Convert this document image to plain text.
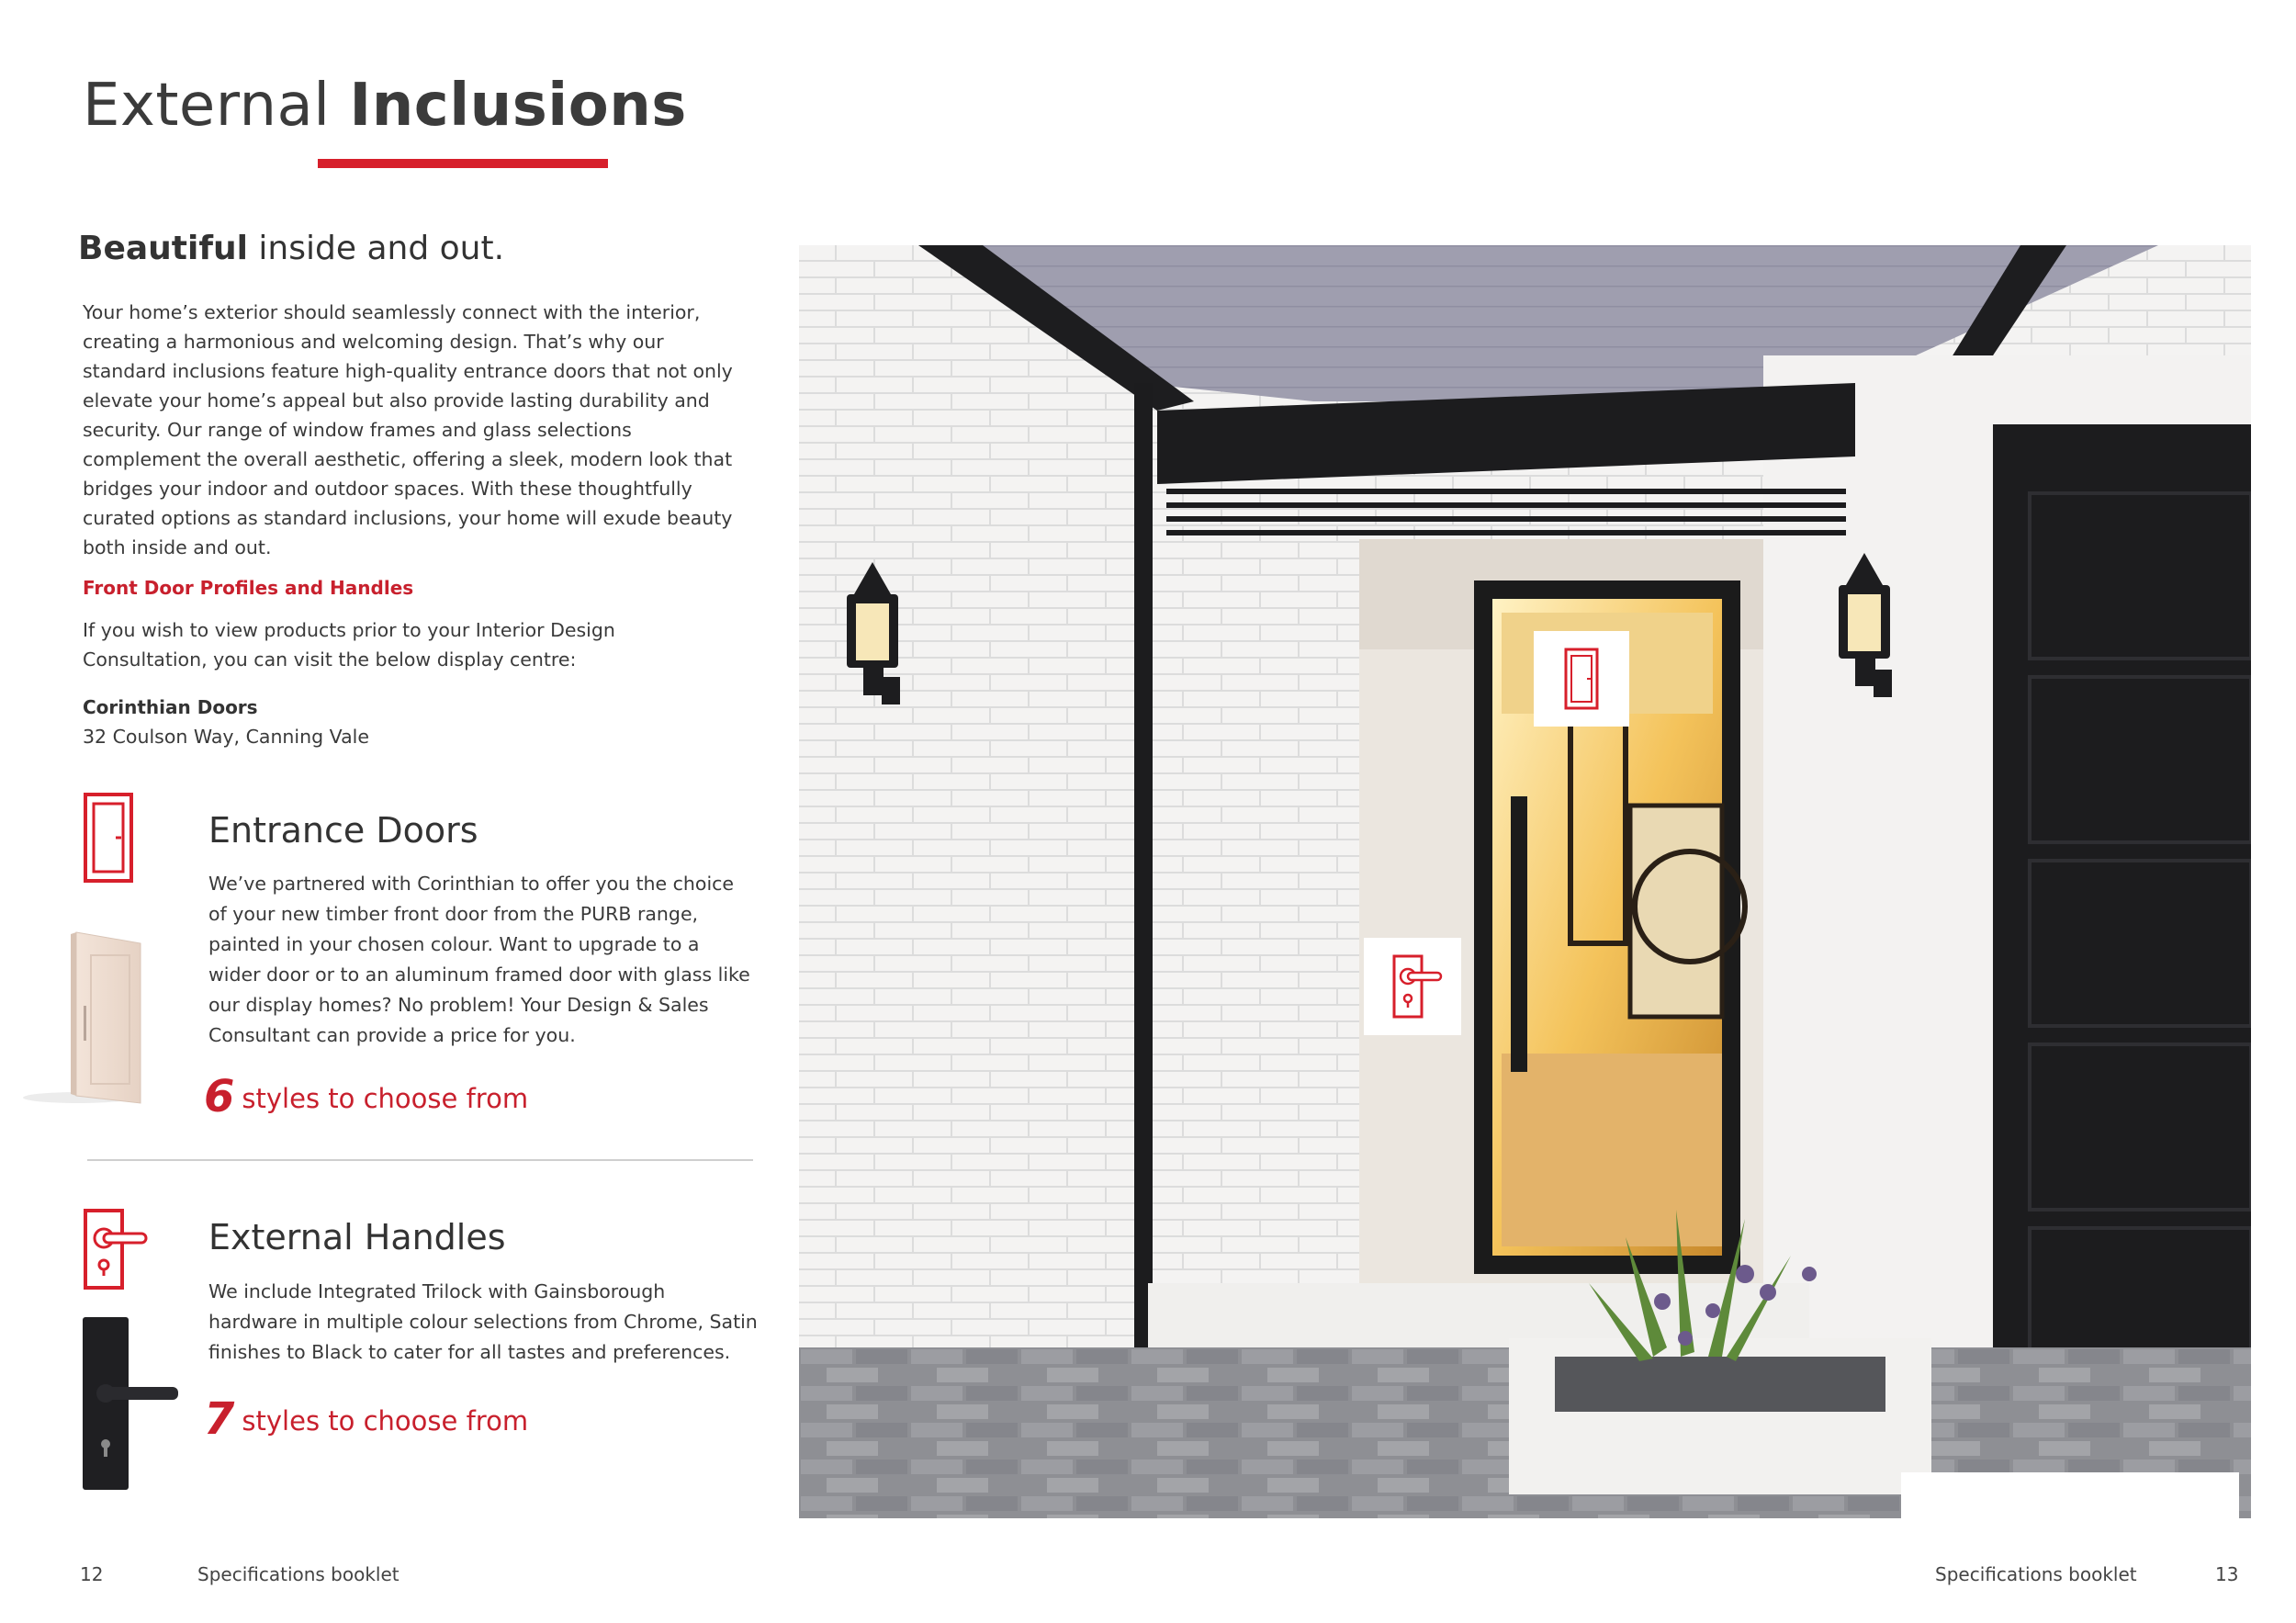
External Inclusions
Beautiful inside and out.
Your home’s exterior should seamlessly connect with the interior, creating a harmonious and welcoming design. That’s why our standard inclusions feature high-quality entrance doors that not only elevate your home’s appeal but also provide lasting durability and security. Our range of window frames and glass selections complement the overall aesthetic, offering a sleek, modern look that bridges your indoor and outdoor spaces. With these thoughtfully curated options as standard inclusions, your home will exude beauty both inside and out.
Front Door Profiles and Handles
If you wish to view products prior to your Interior Design Consultation, you can visit the below display centre:
Corinthian Doors
32 Coulson Way, Canning Vale
Entrance Doors
We’ve partnered with Corinthian to offer you the choice of your new timber front door from the PURB range, painted in your chosen colour. Want to upgrade to a wider door or to an aluminum framed door with glass like our display homes? No problem! Your Design & Sales Consultant can provide a price for you.
6 styles to choose from
External Handles
We include Integrated Trilock with Gainsborough hardware in multiple colour selections from Chrome, Satin finishes to Black to cater for all tastes and preferences.
7 styles to choose from
12	Specifications booklet	Specifications booklet	13
